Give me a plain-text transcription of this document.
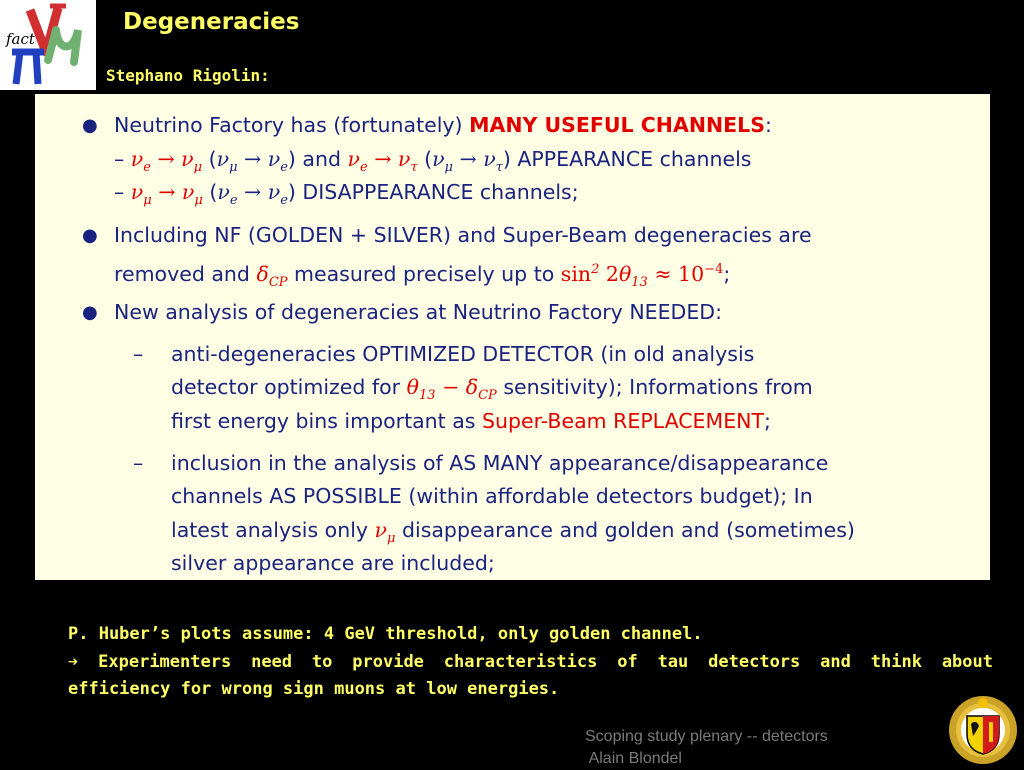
fact
Degeneracies
Stephano Rigolin:
● Neutrino Factory has (fortunately) MANY USEFUL CHANNELS:
– $\nu_e \to \nu_\mu$ $(\nu_\mu \to \nu_e)$ and $\nu_e \to \nu_\tau$ $(\nu_\mu \to \nu_\tau)$ APPEARANCE channels
– $\nu_\mu \to \nu_\mu$ $(\nu_e \to \nu_e)$ DISAPPEARANCE channels;
● Including NF (GOLDEN + SILVER) and Super-Beam degeneracies are
removed and $\delta_{CP}$ measured precisely up to $\sin^2 2\theta_{13} \approx 10^{-4}$;
● New analysis of degeneracies at Neutrino Factory NEEDED:
– anti-degeneracies OPTIMIZED DETECTOR (in old analysis
detector optimized for $\theta_{13} - \delta_{CP}$ sensitivity); Informations from
first energy bins important as Super-Beam REPLACEMENT;
– inclusion in the analysis of AS MANY appearance/disappearance
channels AS POSSIBLE (within affordable detectors budget); In
latest analysis only $\nu_\mu$ disappearance and golden and (sometimes)
silver appearance are included;

P. Huber’s plots assume: 4 GeV threshold, only golden channel.

➔ Experimenters need to provide characteristics of tau detectors and think about efficiency for wrong sign muons at low energies.

Scoping study plenary -- detectors
Alain Blondel
